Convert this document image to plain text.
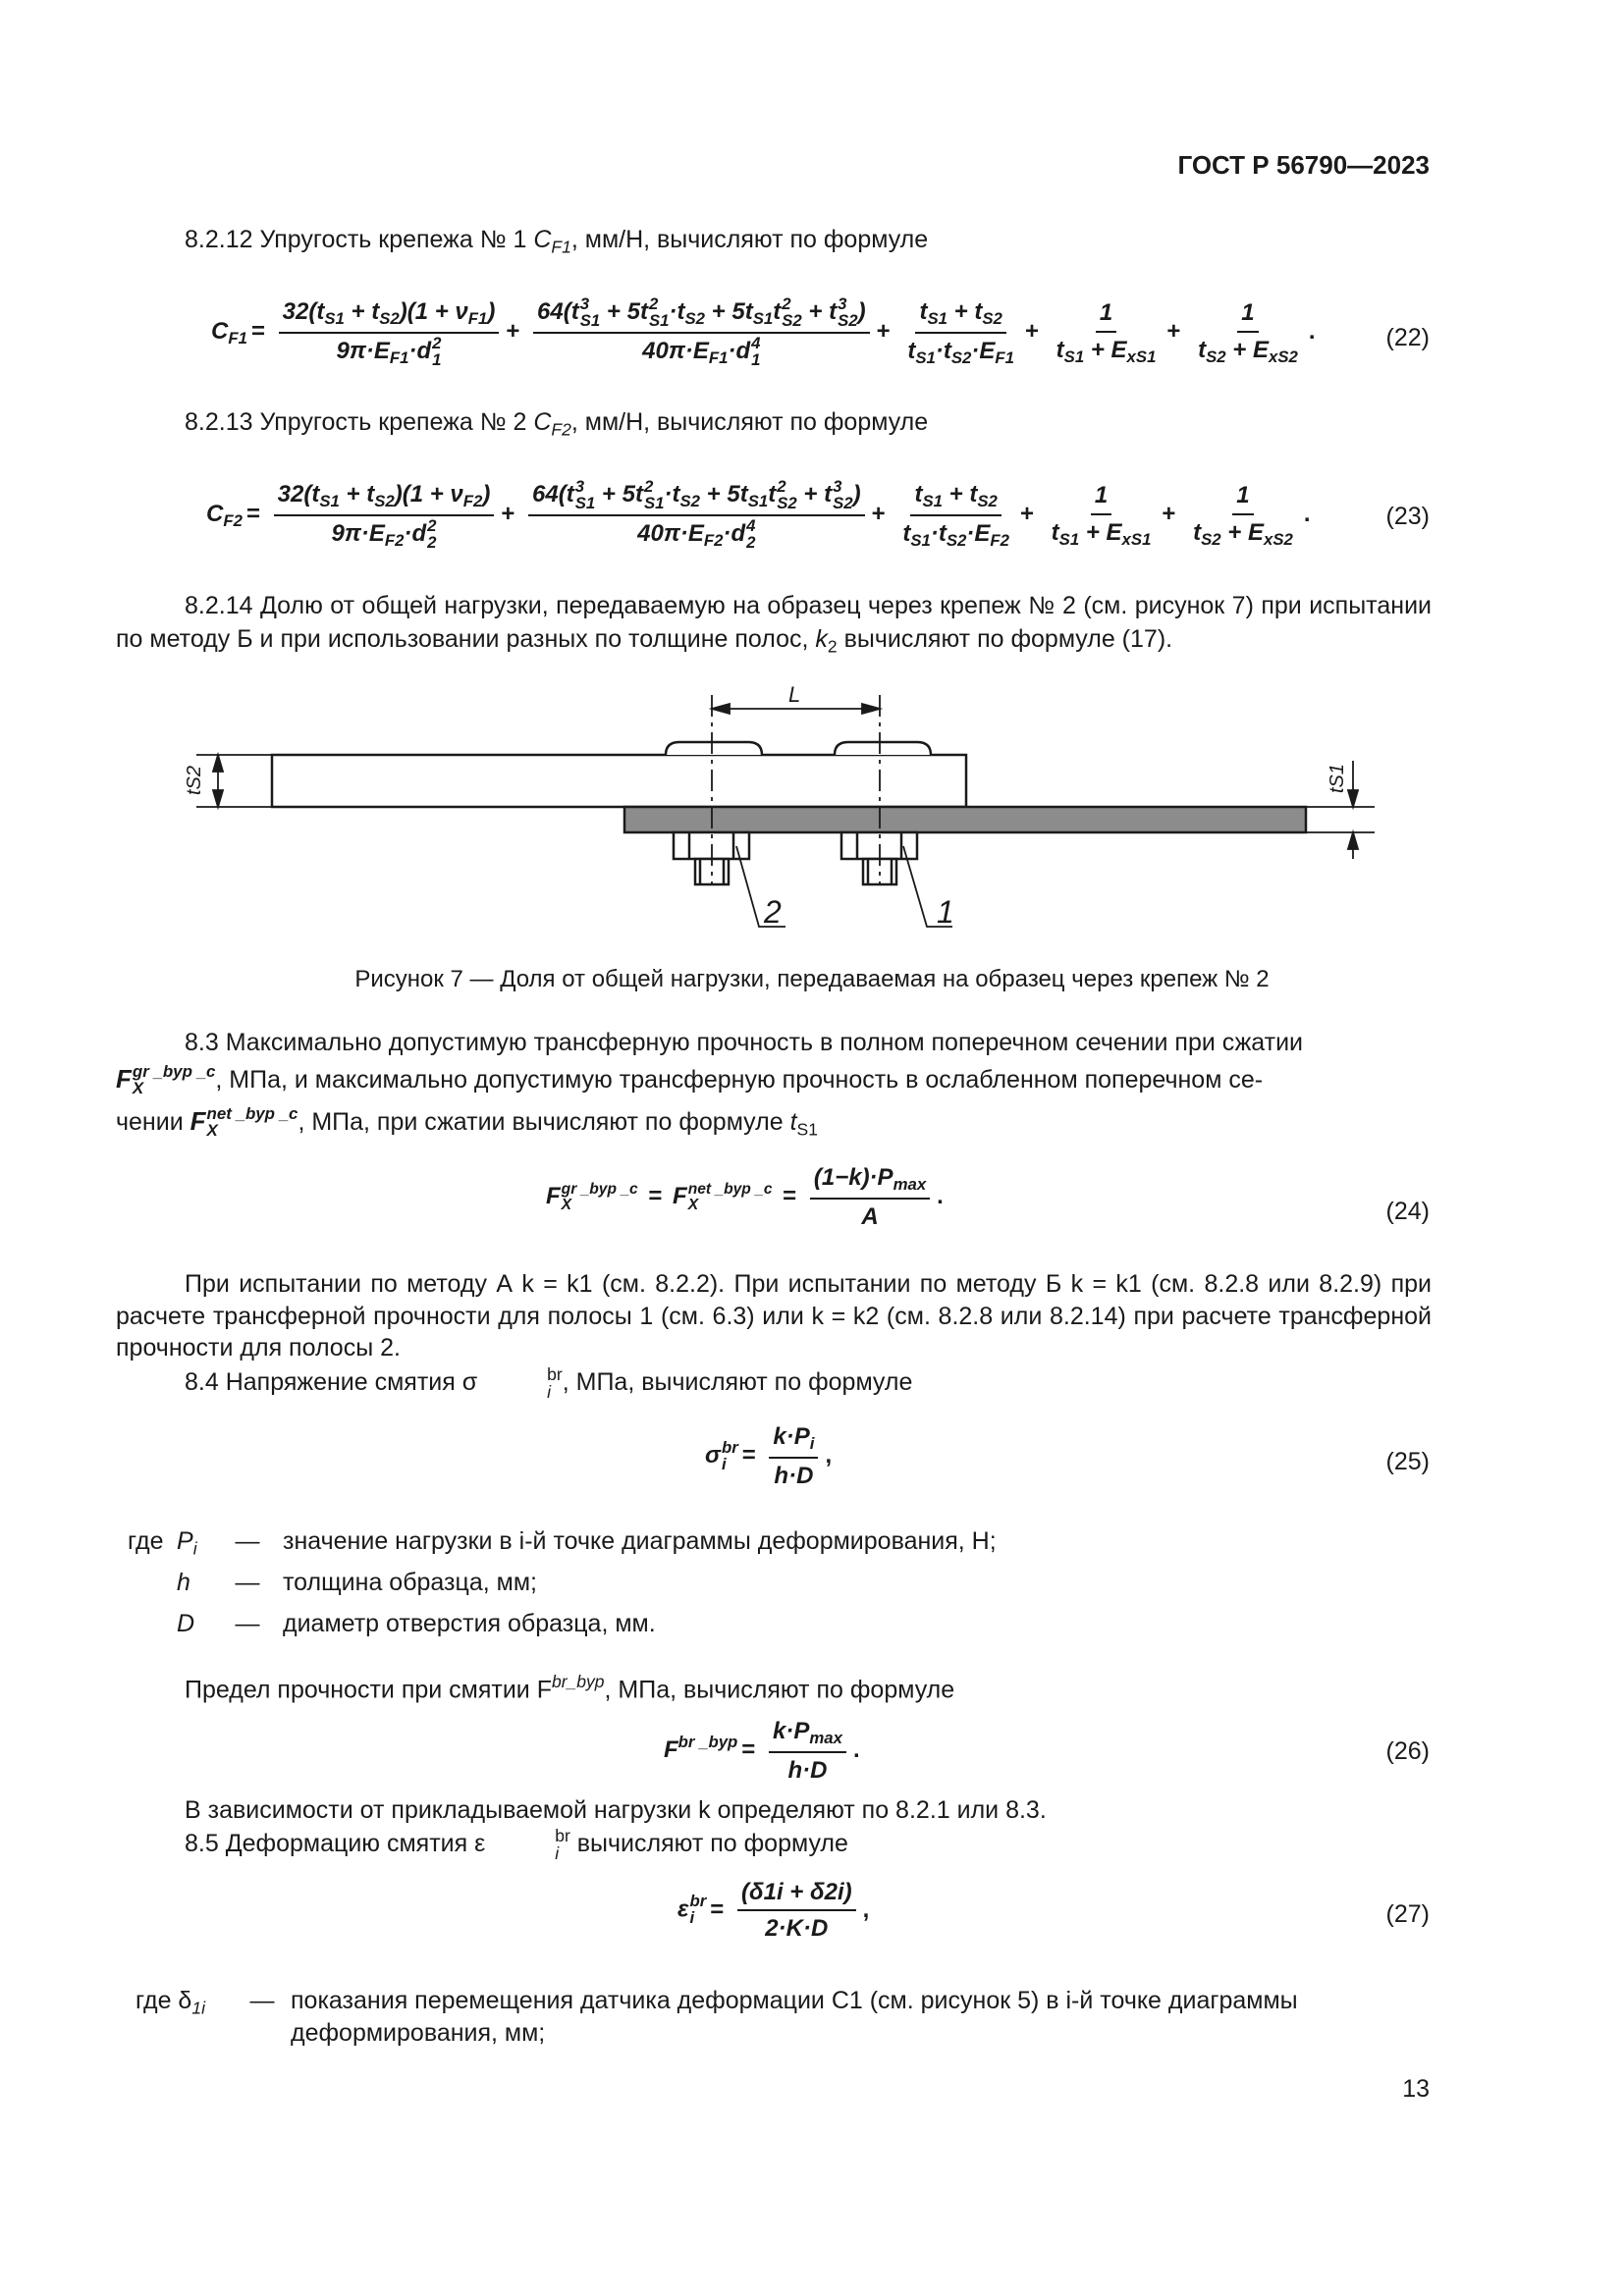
ГОСТ Р 56790—2023
8.2.12 Упругость крепежа № 1 $C_{F1}$, мм/Н, вычисляют по формуле
$C_{F1} = 32(t_{S1} + t_{S2})(1 + \nu_{F1})$
$9\pi\cdot E_{F1}\cdot d$ 2
1 + 64(t 3
S1 + 5t 2
$S1 \cdot t_{S2} + 5t_{S1}t$ 2
S2 + t 3
S2 )
$40\pi\cdot E_{F1}\cdot d$ 4
$1 + \frac{t_{S1} + t_{S2}}{t_{S1}\cdot t_{S2}\cdot E_{F1}} + \frac{1}{t_{S1} + E_{xS1}} + \frac{1}{t_{S2} + E_{xS2}}$ .	(22)
8.2.13 Упругость крепежа № 2 $C_{F2}$, мм/Н, вычисляют по формуле
$C_{F2} = 32(t_{S1} + t_{S2})(1 + \nu_{F2})$
$9\pi\cdot E_{F2}\cdot d$ 2
2 + 64(t 3
S1 + 5t 2
$S1 \cdot t_{S2} + 5t_{S1}t$ 2
S2 + t 3
S2 )
$40\pi\cdot E_{F2}\cdot d$ 4
$2 + \frac{t_{S1} + t_{S2}}{t_{S1}\cdot t_{S2}\cdot E_{F2}} + \frac{1}{t_{S1} + E_{xS1}} + \frac{1}{t_{S2} + E_{xS2}}$ .	(23)
8.2.14 Долю от общей нагрузки, передаваемую на образец через крепеж № 2 (см. рисунок 7) при испытании по методу Б и при использовании разных по толщине полос, $k_2$ вычисляют по формуле (17).
L
tS2	tS1
2	1
Рисунок 7 — Доля от общей нагрузки, передаваемая на образец через крепеж № 2
8.3 Максимально допустимую трансферную прочность в полном поперечном сечении при сжатии
F gr _byp _c
X	, МПа, и максимально допустимую трансферную прочность в ослабленном поперечном се-
чении F net _byp _c
X	, МПа, при сжатии вычисляют по формуле $t_{S1}$
F gr _byp _c
X	= F net _byp _c
X	= $\frac{(1-k)\cdot P_{max}}{A}$ .
(24)
При испытании по методу А k = k1 (см. 8.2.2). При испытании по методу Б k = k1 (см. 8.2.8 или 8.2.9) при расчете трансферной прочности для полосы 1 (см. 6.3) или k = k2 (см. 8.2.8 или 8.2.14) при расчете трансферной прочности для полосы 2.
8.4 Напряжение смятия σ	br
i , МПа, вычисляют по формуле
σ br
$i = \frac{k\cdot P_i}{h\cdot D}$ ,	(25)
где $P_i$	— значение нагрузки в i-й точке диаграммы деформирования, Н;
h	— толщина образца, мм;
D	— диаметр отверстия образца, мм.
Предел прочности при смятии $F^{br\_byp}$, МПа, вычисляют по формуле
$F^{br \_byp} = \frac{k\cdot P_{max}}{h\cdot D}$ .	(26)
В зависимости от прикладываемой нагрузки k определяют по 8.2.1 или 8.3.
8.5 Деформацию смятия ε	br
i вычисляют по формуле
ε br
$i = \frac{(\delta 1i + \delta 2i)}{2\cdot K\cdot D}$ ,	(27)
где $\delta_{1i}$	— показания перемещения датчика деформации С1 (см. рисунок 5) в i-й точке диаграммы деформирования, мм;
13
